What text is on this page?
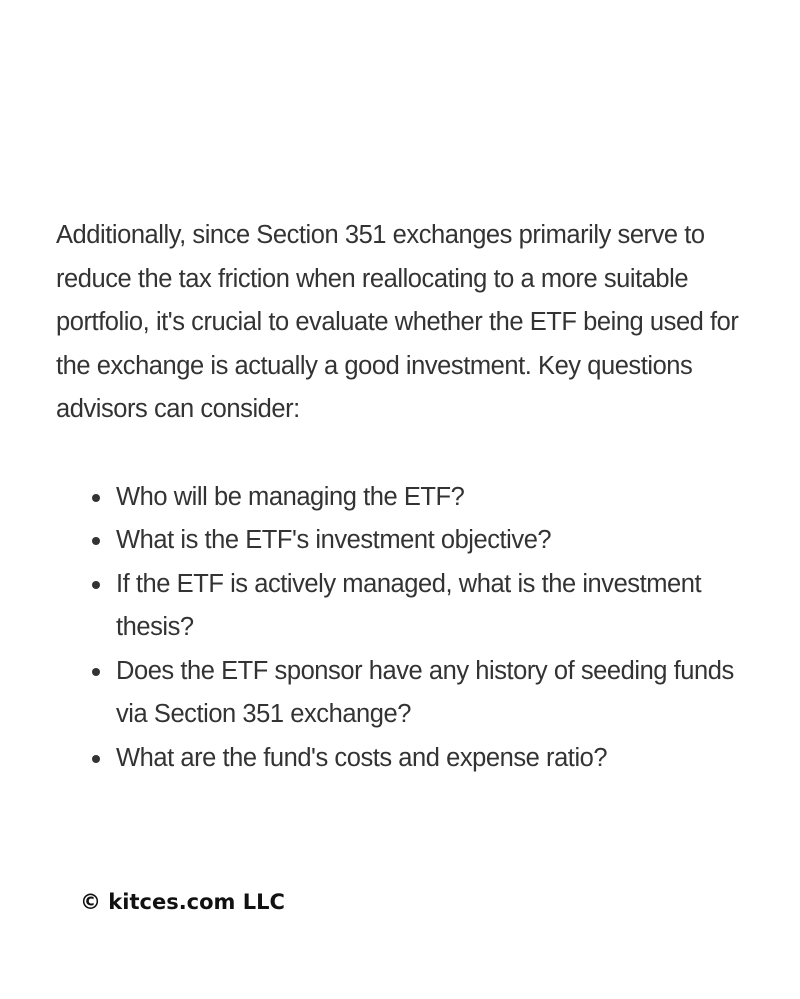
Additionally, since Section 351 exchanges primarily serve to reduce the tax friction when reallocating to a more suitable portfolio, it's crucial to evaluate whether the ETF being used for the exchange is actually a good investment. Key questions advisors can consider:

Who will be managing the ETF?
What is the ETF's investment objective?
If the ETF is actively managed, what is the investment thesis?
Does the ETF sponsor have any history of seeding funds via Section 351 exchange?
What are the fund's costs and expense ratio?
© kitces.com LLC
